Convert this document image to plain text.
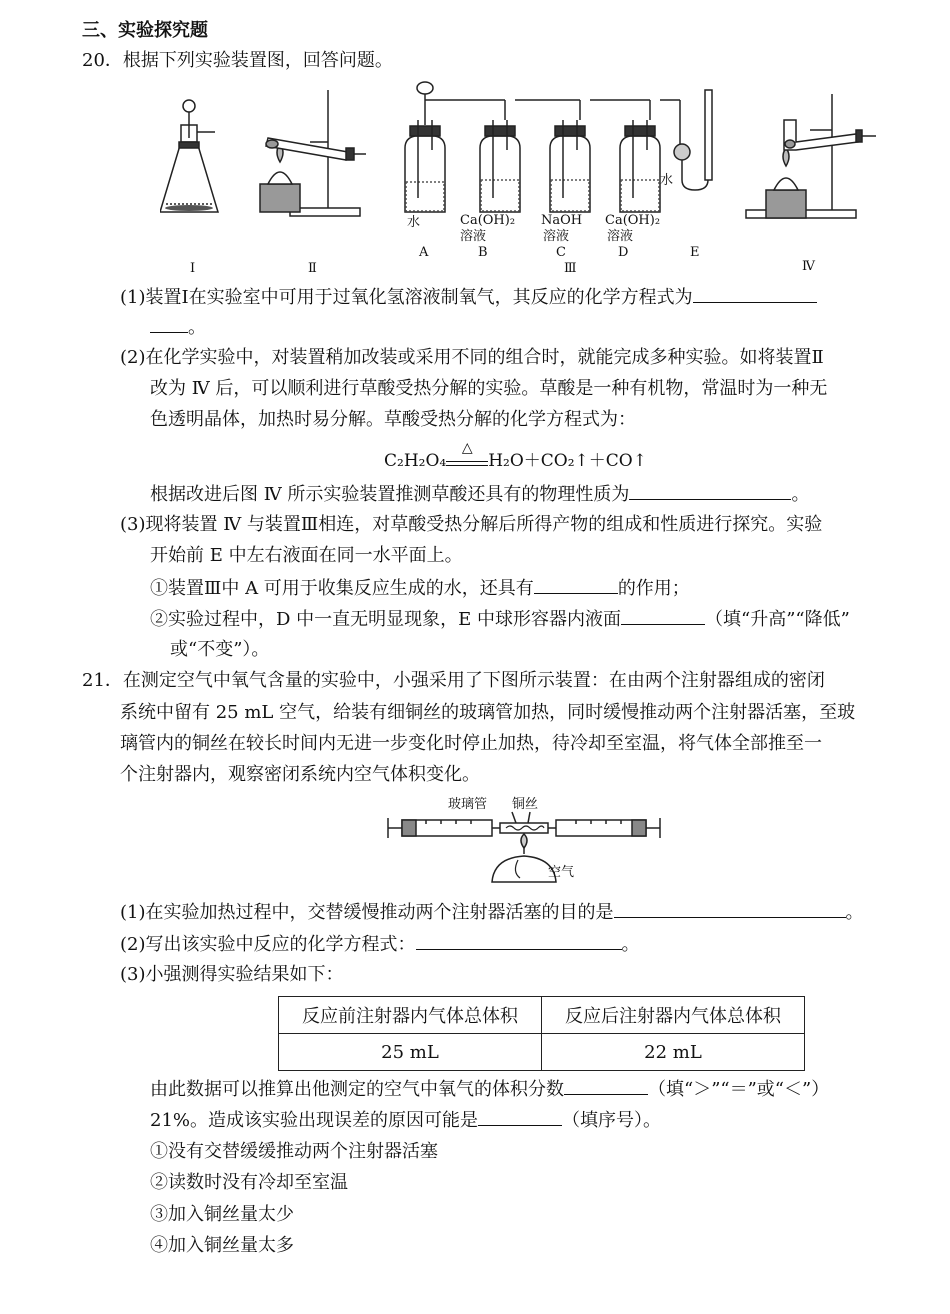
三、实验探究题
20．根据下列实验装置图，回答问题。
水	Ca(OH)₂
溶液
NaOH
溶液
Ca(OH)₂
溶液
水
A	B	C	D	E
Ⅰ	Ⅱ	Ⅲ	Ⅳ
(1)装置Ⅰ在实验室中可用于过氧化氢溶液制氧气，其反应的化学方程式为
。
(2)在化学实验中，对装置稍加改装或采用不同的组合时，就能完成多种实验。如将装置Ⅱ
改为 Ⅳ 后，可以顺利进行草酸受热分解的实验。草酸是一种有机物，常温时为一种无
色透明晶体，加热时易分解。草酸受热分解的化学方程式为：
C₂H₂O₄
△
H₂O＋CO₂↑＋CO↑
根据改进后图 Ⅳ 所示实验装置推测草酸还具有的物理性质为	。
(3)现将装置 Ⅳ 与装置Ⅲ相连，对草酸受热分解后所得产物的组成和性质进行探究。实验
开始前 E 中左右液面在同一水平面上。
①装置Ⅲ中 A 可用于收集反应生成的水，还具有	的作用；
②实验过程中，D 中一直无明显现象，E 中球形容器内液面	（填“升高”“降低”
或“不变”）。
21．在测定空气中氧气含量的实验中，小强采用了下图所示装置：在由两个注射器组成的密闭
系统中留有 25 mL 空气，给装有细铜丝的玻璃管加热，同时缓慢推动两个注射器活塞，至玻
璃管内的铜丝在较长时间内无进一步变化时停止加热，待冷却至室温，将气体全部推至一
个注射器内，观察密闭系统内空气体积变化。
玻璃管 铜丝
空气
(1)在实验加热过程中，交替缓慢推动两个注射器活塞的目的是	。
(2)写出该实验中反应的化学方程式：	。
(3)小强测得实验结果如下：
反应前注射器内气体总体积	反应后注射器内气体总体积
25 mL	22 mL
由此数据可以推算出他测定的空气中氧气的体积分数	（填“＞”“＝”或“＜”）
21%。造成该实验出现误差的原因可能是	（填序号）。
①没有交替缓缓推动两个注射器活塞
②读数时没有冷却至室温
③加入铜丝量太少
④加入铜丝量太多
